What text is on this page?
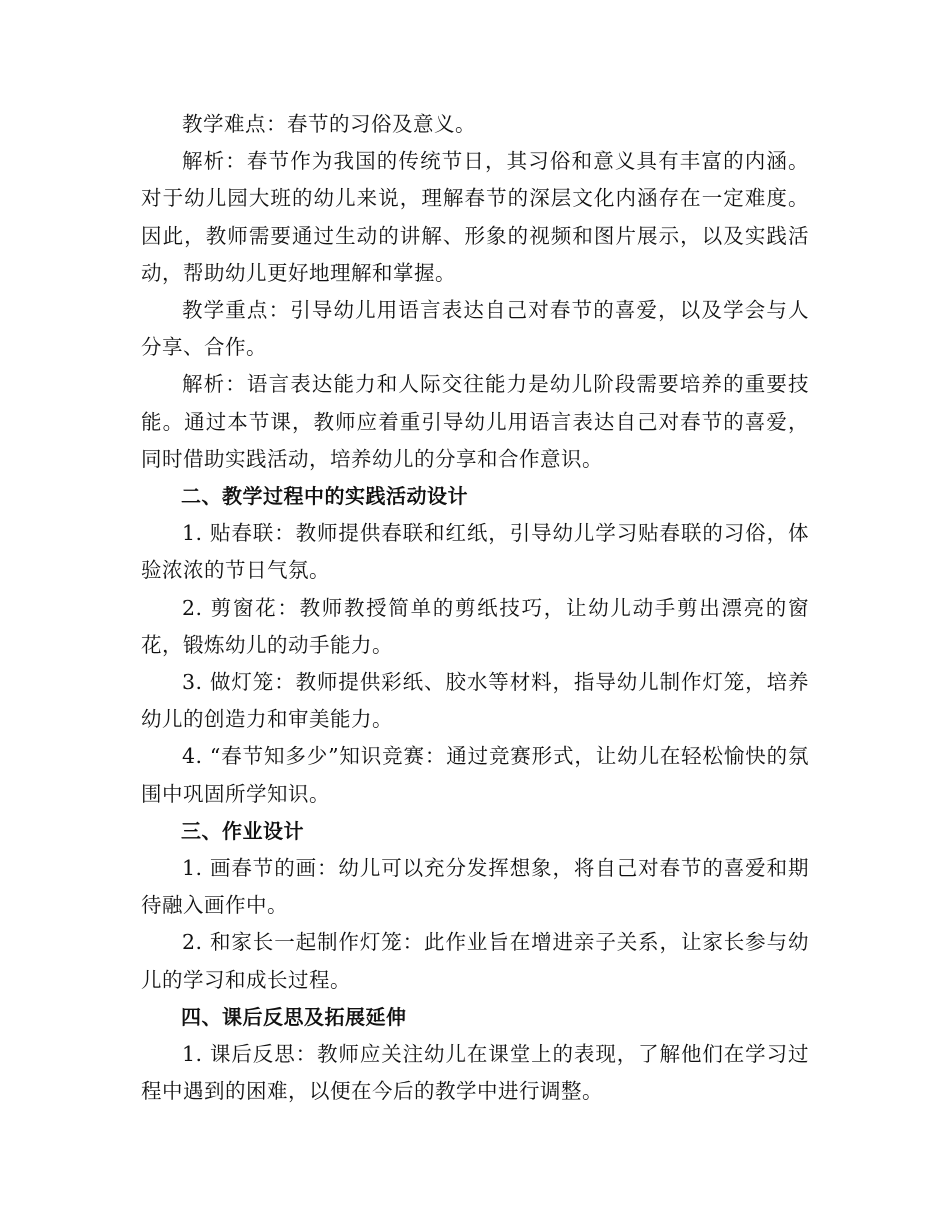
教学难点：春节的习俗及意义。

解析：春节作为我国的传统节日，其习俗和意义具有丰富的内涵。对于幼儿园大班的幼儿来说，理解春节的深层文化内涵存在一定难度。因此，教师需要通过生动的讲解、形象的视频和图片展示，以及实践活动，帮助幼儿更好地理解和掌握。

教学重点：引导幼儿用语言表达自己对春节的喜爱，以及学会与人分享、合作。

解析：语言表达能力和人际交往能力是幼儿阶段需要培养的重要技能。通过本节课，教师应着重引导幼儿用语言表达自己对春节的喜爱，同时借助实践活动，培养幼儿的分享和合作意识。

二、教学过程中的实践活动设计

1. 贴春联：教师提供春联和红纸，引导幼儿学习贴春联的习俗，体验浓浓的节日气氛。

2. 剪窗花：教师教授简单的剪纸技巧，让幼儿动手剪出漂亮的窗花，锻炼幼儿的动手能力。

3. 做灯笼：教师提供彩纸、胶水等材料，指导幼儿制作灯笼，培养幼儿的创造力和审美能力。

4. “春节知多少”知识竞赛：通过竞赛形式，让幼儿在轻松愉快的氛围中巩固所学知识。

三、作业设计

1. 画春节的画：幼儿可以充分发挥想象，将自己对春节的喜爱和期待融入画作中。

2. 和家长一起制作灯笼：此作业旨在增进亲子关系，让家长参与幼儿的学习和成长过程。

四、课后反思及拓展延伸

1. 课后反思：教师应关注幼儿在课堂上的表现，了解他们在学习过程中遇到的困难，以便在今后的教学中进行调整。
